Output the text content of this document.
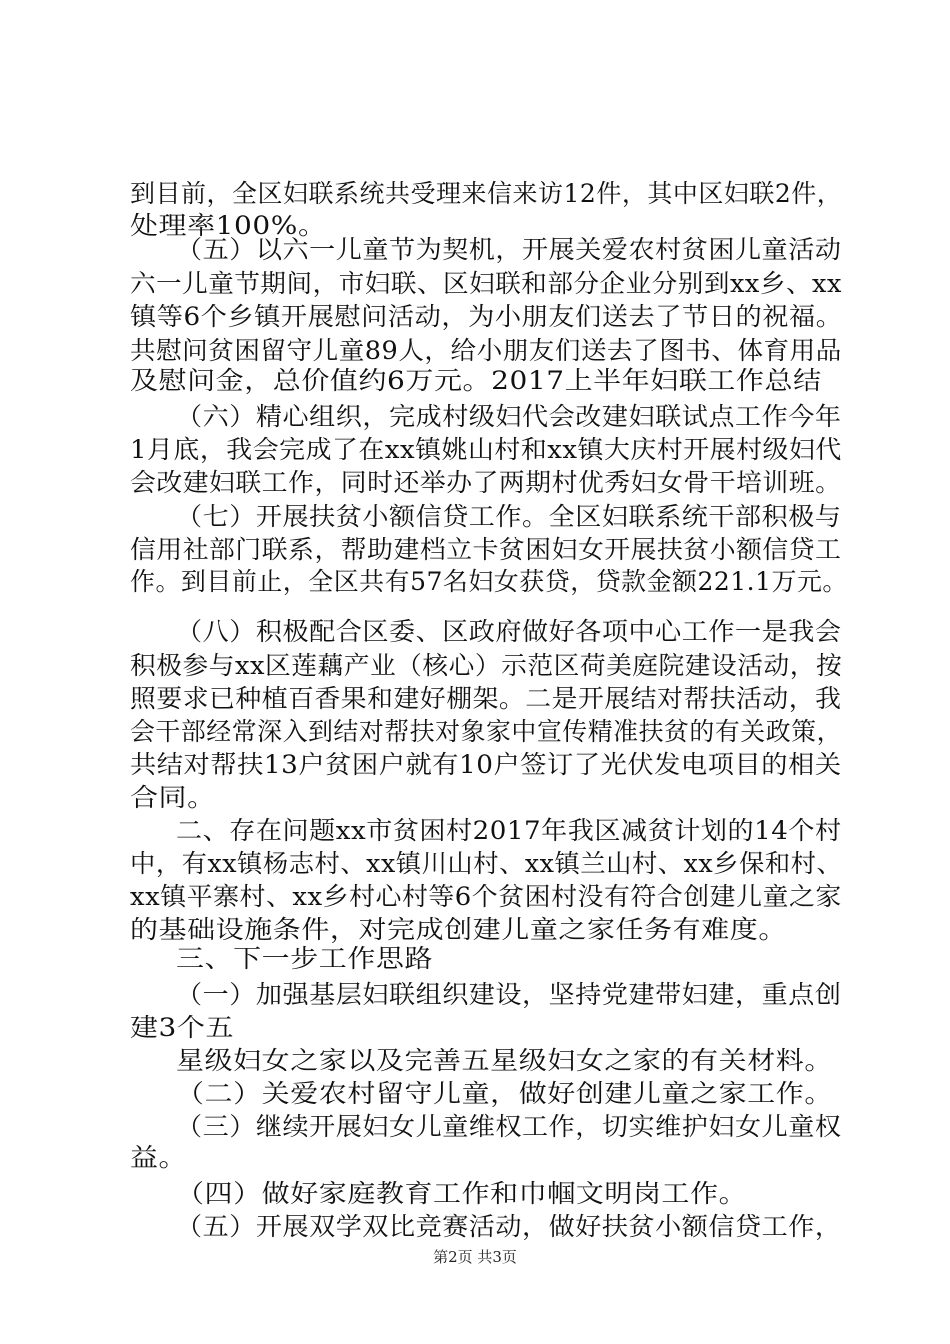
到目前，全区妇联系统共受理来信来访12件，其中区妇联2件，
处理率100%。
（五）以六一儿童节为契机，开展关爱农村贫困儿童活动
六一儿童节期间，市妇联、区妇联和部分企业分别到xx乡、xx
镇等6个乡镇开展慰问活动，为小朋友们送去了节日的祝福。
共慰问贫困留守儿童89人，给小朋友们送去了图书、体育用品
及慰问金，总价值约6万元。2017上半年妇联工作总结
（六）精心组织，完成村级妇代会改建妇联试点工作今年
1月底，我会完成了在xx镇姚山村和xx镇大庆村开展村级妇代
会改建妇联工作，同时还举办了两期村优秀妇女骨干培训班。
（七）开展扶贫小额信贷工作。全区妇联系统干部积极与
信用社部门联系，帮助建档立卡贫困妇女开展扶贫小额信贷工
作。到目前止，全区共有57名妇女获贷，贷款金额221.1万元。
（八）积极配合区委、区政府做好各项中心工作一是我会
积极参与xx区莲藕产业（核心）示范区荷美庭院建设活动，按
照要求已种植百香果和建好棚架。二是开展结对帮扶活动，我
会干部经常深入到结对帮扶对象家中宣传精准扶贫的有关政策，
共结对帮扶13户贫困户就有10户签订了光伏发电项目的相关
合同。
二、存在问题xx市贫困村2017年我区减贫计划的14个村
中，有xx镇杨志村、xx镇川山村、xx镇兰山村、xx乡保和村、
xx镇平寨村、xx乡村心村等6个贫困村没有符合创建儿童之家
的基础设施条件，对完成创建儿童之家任务有难度。
三、下一步工作思路
（一）加强基层妇联组织建设，坚持党建带妇建，重点创
建3个五
星级妇女之家以及完善五星级妇女之家的有关材料。
（二）关爱农村留守儿童，做好创建儿童之家工作。
（三）继续开展妇女儿童维权工作，切实维护妇女儿童权
益。
（四）做好家庭教育工作和巾帼文明岗工作。
（五）开展双学双比竞赛活动，做好扶贫小额信贷工作，
第2页 共3页
